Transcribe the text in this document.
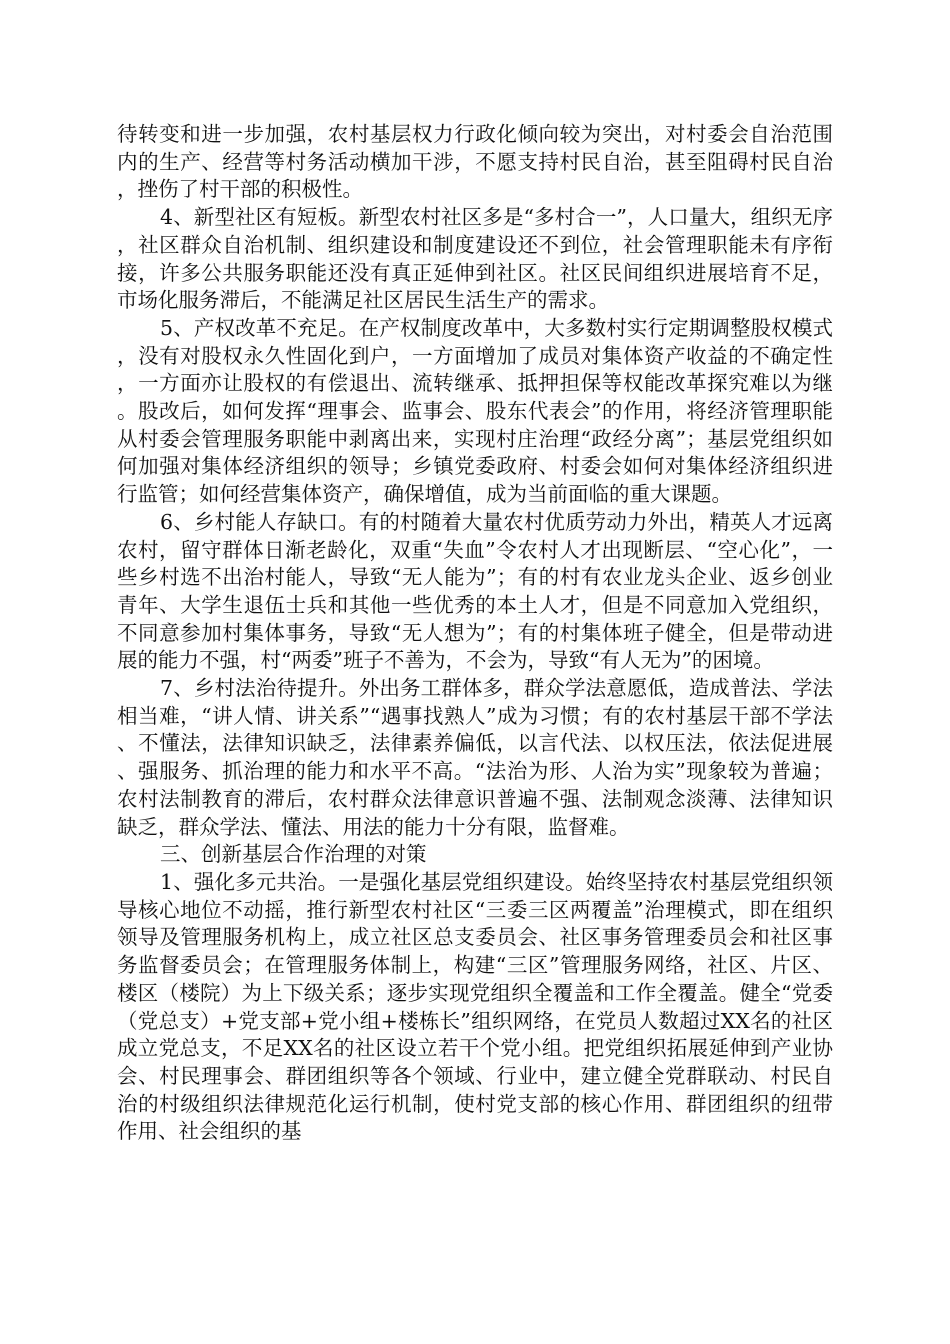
待转变和进一步加强，农村基层权力行政化倾向较为突出，对村委会自治范围内的生产、经营等村务活动横加干涉，不愿支持村民自治，甚至阻碍村民自治，挫伤了村干部的积极性。

4、新型社区有短板。新型农村社区多是“多村合一”，人口量大，组织无序，社区群众自治机制、组织建设和制度建设还不到位，社会管理职能未有序衔接，许多公共服务职能还没有真正延伸到社区。社区民间组织进展培育不足，市场化服务滞后，不能满足社区居民生活生产的需求。

5、产权改革不充足。在产权制度改革中，大多数村实行定期调整股权模式，没有对股权永久性固化到户，一方面增加了成员对集体资产收益的不确定性，一方面亦让股权的有偿退出、流转继承、抵押担保等权能改革探究难以为继。股改后，如何发挥“理事会、监事会、股东代表会”的作用，将经济管理职能从村委会管理服务职能中剥离出来，实现村庄治理“政经分离”；基层党组织如何加强对集体经济组织的领导；乡镇党委政府、村委会如何对集体经济组织进行监管；如何经营集体资产，确保增值，成为当前面临的重大课题。

6、乡村能人存缺口。有的村随着大量农村优质劳动力外出，精英人才远离农村，留守群体日渐老龄化，双重“失血”令农村人才出现断层、“空心化”，一些乡村选不出治村能人，导致“无人能为”；有的村有农业龙头企业、返乡创业青年、大学生退伍士兵和其他一些优秀的本土人才，但是不同意加入党组织，不同意参加村集体事务，导致“无人想为”；有的村集体班子健全，但是带动进展的能力不强，村“两委”班子不善为，不会为，导致“有人无为”的困境。

7、乡村法治待提升。外出务工群体多，群众学法意愿低，造成普法、学法相当难，“讲人情、讲关系”“遇事找熟人”成为习惯；有的农村基层干部不学法、不懂法，法律知识缺乏，法律素养偏低，以言代法、以权压法，依法促进展、强服务、抓治理的能力和水平不高。“法治为形、人治为实”现象较为普遍；农村法制教育的滞后，农村群众法律意识普遍不强、法制观念淡薄、法律知识缺乏，群众学法、懂法、用法的能力十分有限，监督难。

三、创新基层合作治理的对策

1、强化多元共治。一是强化基层党组织建设。始终坚持农村基层党组织领导核心地位不动摇，推行新型农村社区“三委三区两覆盖”治理模式，即在组织领导及管理服务机构上，成立社区总支委员会、社区事务管理委员会和社区事务监督委员会；在管理服务体制上，构建“三区”管理服务网络，社区、片区、楼区（楼院）为上下级关系；逐步实现党组织全覆盖和工作全覆盖。健全“党委（党总支）+党支部+党小组+楼栋长”组织网络，在党员人数超过XX名的社区成立党总支，不足XX名的社区设立若干个党小组。把党组织拓展延伸到产业协会、村民理事会、群团组织等各个领域、行业中，建立健全党群联动、村民自治的村级组织法律规范化运行机制，使村党支部的核心作用、群团组织的纽带作用、社会组织的基
